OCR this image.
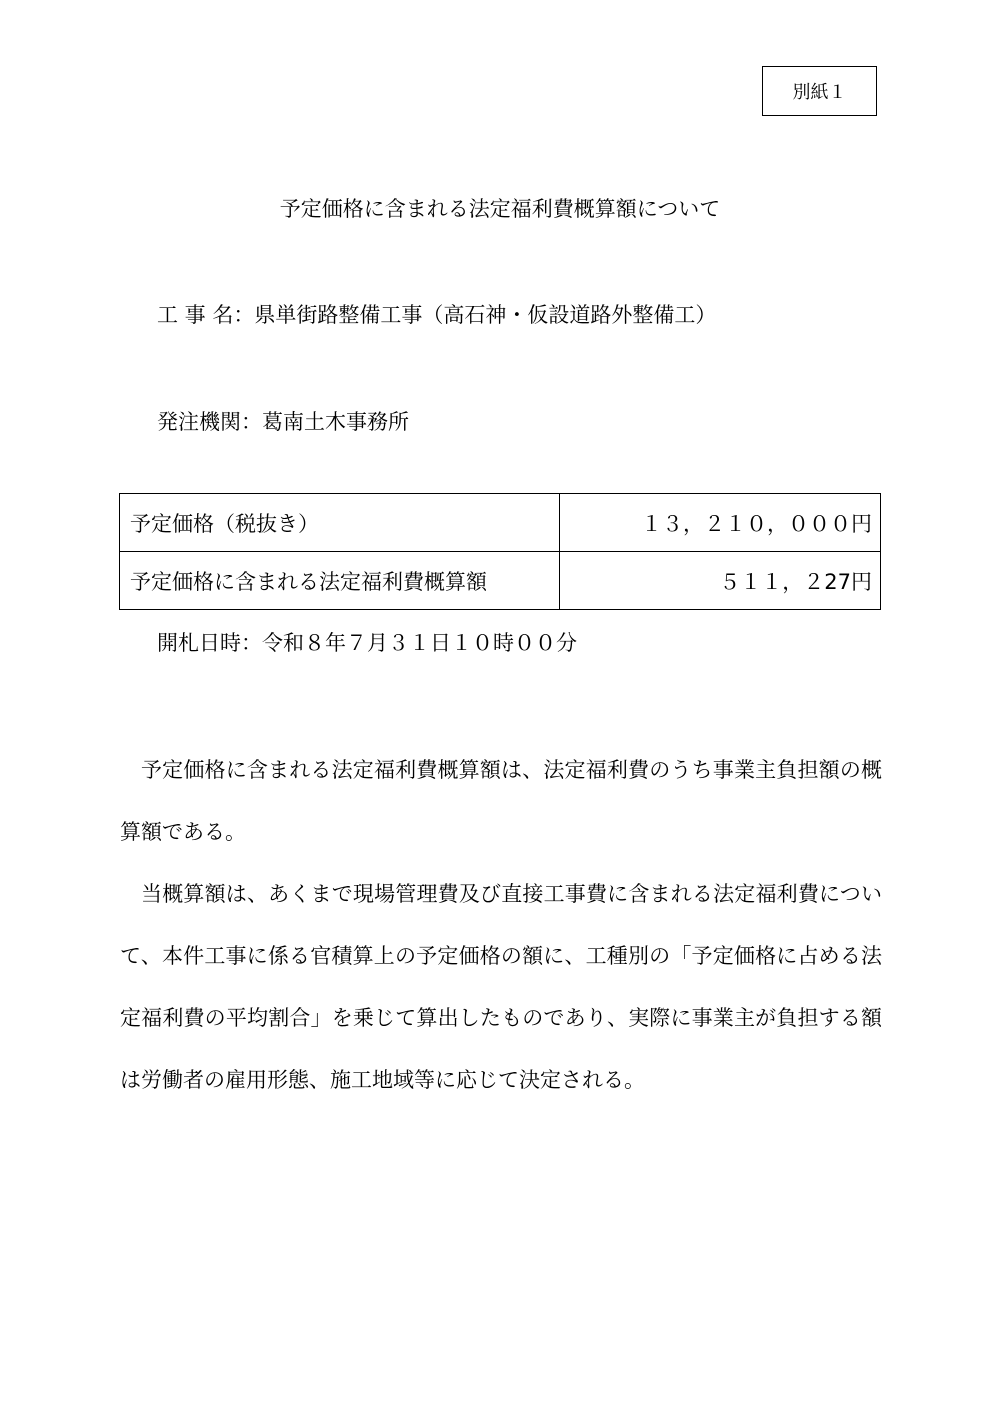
別紙１
予定価格に含まれる法定福利費概算額について
工 事 名：県単街路整備工事（高石神・仮設道路外整備工）
発注機関：葛南土木事務所
予定価格（税抜き）	１３，２１０，０００円
予定価格に含まれる法定福利費概算額	５１１，２27円
開札日時：令和８年７月３１日１０時００分

予定価格に含まれる法定福利費概算額は、法定福利費のうち事業主負担額の概算額である。

当概算額は、あくまで現場管理費及び直接工事費に含まれる法定福利費について、本件工事に係る官積算上の予定価格の額に、工種別の「予定価格に占める法定福利費の平均割合」を乗じて算出したものであり、実際に事業主が負担する額は労働者の雇用形態、施工地域等に応じて決定される。
